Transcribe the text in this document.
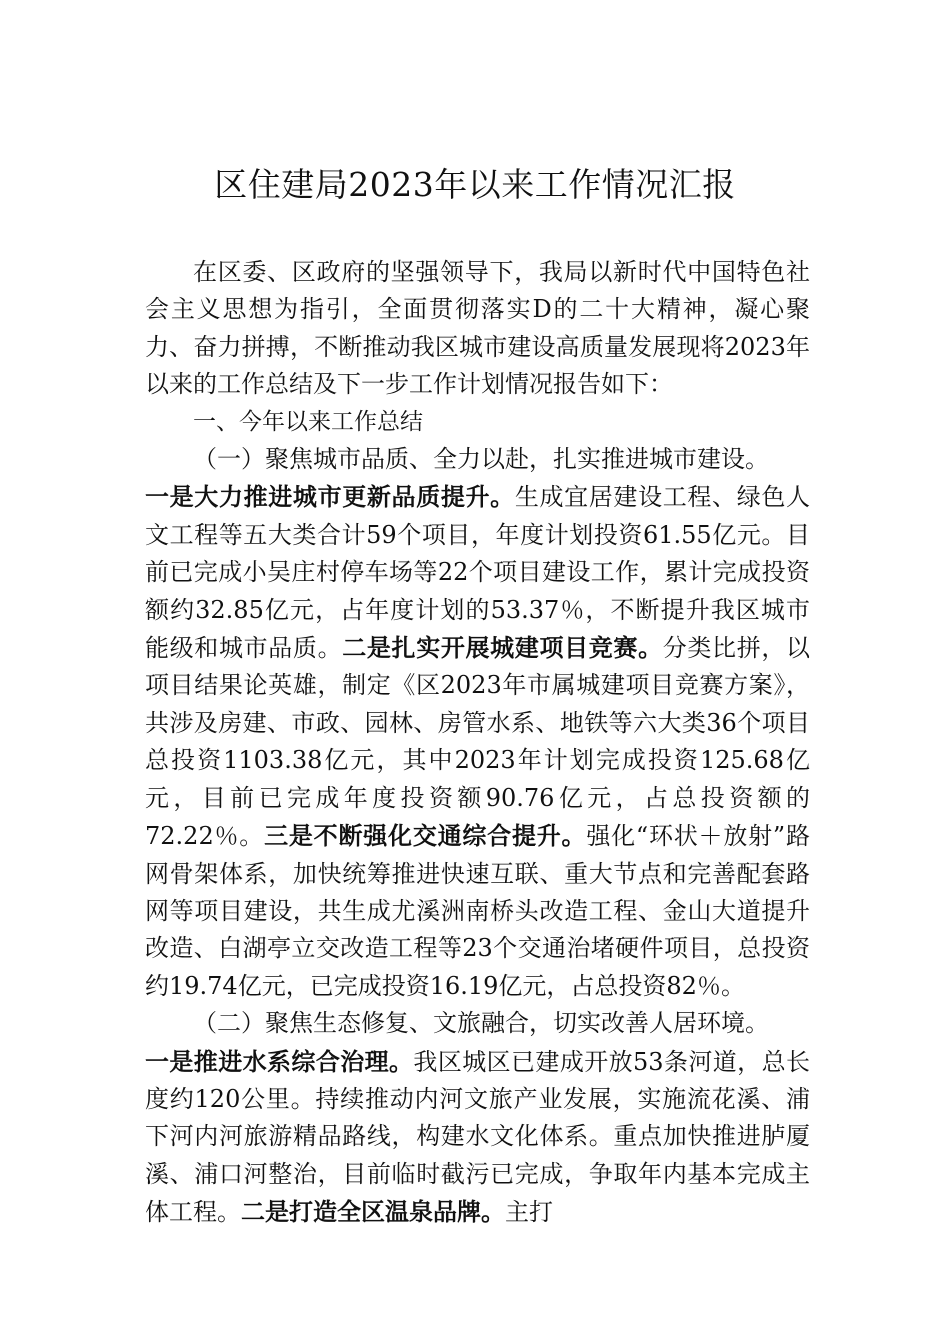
区住建局2023年以来工作情况汇报

在区委、区政府的坚强领导下，我局以新时代中国特色社会主义思想为指引，全面贯彻落实D的二十大精神，凝心聚力、奋力拼搏，不断推动我区城市建设高质量发展现将2023年以来的工作总结及下一步工作计划情况报告如下：

一、今年以来工作总结

（一）聚焦城市品质、全力以赴，扎实推进城市建设。

一是大力推进城市更新品质提升。生成宜居建设工程、绿色人文工程等五大类合计59个项目，年度计划投资61.55亿元。目前已完成小吴庄村停车场等22个项目建设工作，累计完成投资额约32.85亿元，占年度计划的53.37％，不断提升我区城市能级和城市品质。二是扎实开展城建项目竞赛。分类比拼，以项目结果论英雄，制定《区2023年市属城建项目竞赛方案》，共涉及房建、市政、园林、房管水系、地铁等六大类36个项目总投资1103.38亿元，其中2023年计划完成投资125.68亿元，目前已完成年度投资额90.76亿元，占总投资额的72.22％。三是不断强化交通综合提升。强化“环状＋放射”路网骨架体系，加快统筹推进快速互联、重大节点和完善配套路网等项目建设，共生成尤溪洲南桥头改造工程、金山大道提升改造、白湖亭立交改造工程等23个交通治堵硬件项目，总投资约19.74亿元，已完成投资16.19亿元，占总投资82％。

（二）聚焦生态修复、文旅融合，切实改善人居环境。

一是推进水系综合治理。我区城区已建成开放53条河道，总长度约120公里。持续推动内河文旅产业发展，实施流花溪、浦下河内河旅游精品路线，构建水文化体系。重点加快推进胪厦溪、浦口河整治，目前临时截污已完成，争取年内基本完成主体工程。二是打造全区温泉品牌。主打
